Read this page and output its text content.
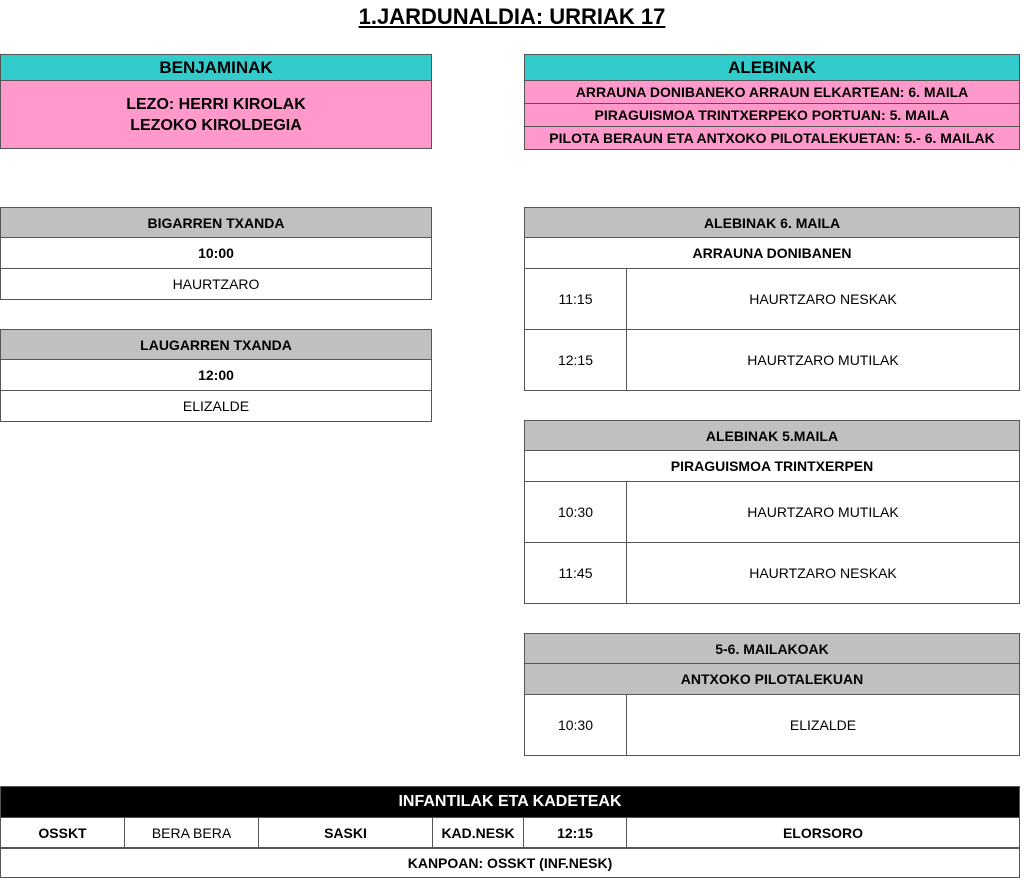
1.JARDUNALDIA: URRIAK 17
BENJAMINAK
LEZO: HERRI KIROLAK
LEZOKO KIROLDEGIA
ALEBINAK
ARRAUNA DONIBANEKO ARRAUN ELKARTEAN: 6. MAILA
PIRAGUISMOA TRINTXERPEKO PORTUAN: 5. MAILA
PILOTA BERAUN ETA ANTXOKO PILOTALEKUETAN: 5.- 6. MAILAK
BIGARREN TXANDA
10:00
HAURTZARO
LAUGARREN TXANDA
12:00
ELIZALDE
ALEBINAK 6. MAILA
ARRAUNA DONIBANEN
11:15	HAURTZARO NESKAK
12:15	HAURTZARO MUTILAK
ALEBINAK 5.MAILA
PIRAGUISMOA TRINTXERPEN
10:30	HAURTZARO MUTILAK
11:45	HAURTZARO NESKAK
5-6. MAILAKOAK
ANTXOKO PILOTALEKUAN
10:30	ELIZALDE
INFANTILAK ETA KADETEAK
OSSKT	BERA BERA	SASKI	KAD.NESK	12:15	ELORSORO
KANPOAN: OSSKT (INF.NESK)
